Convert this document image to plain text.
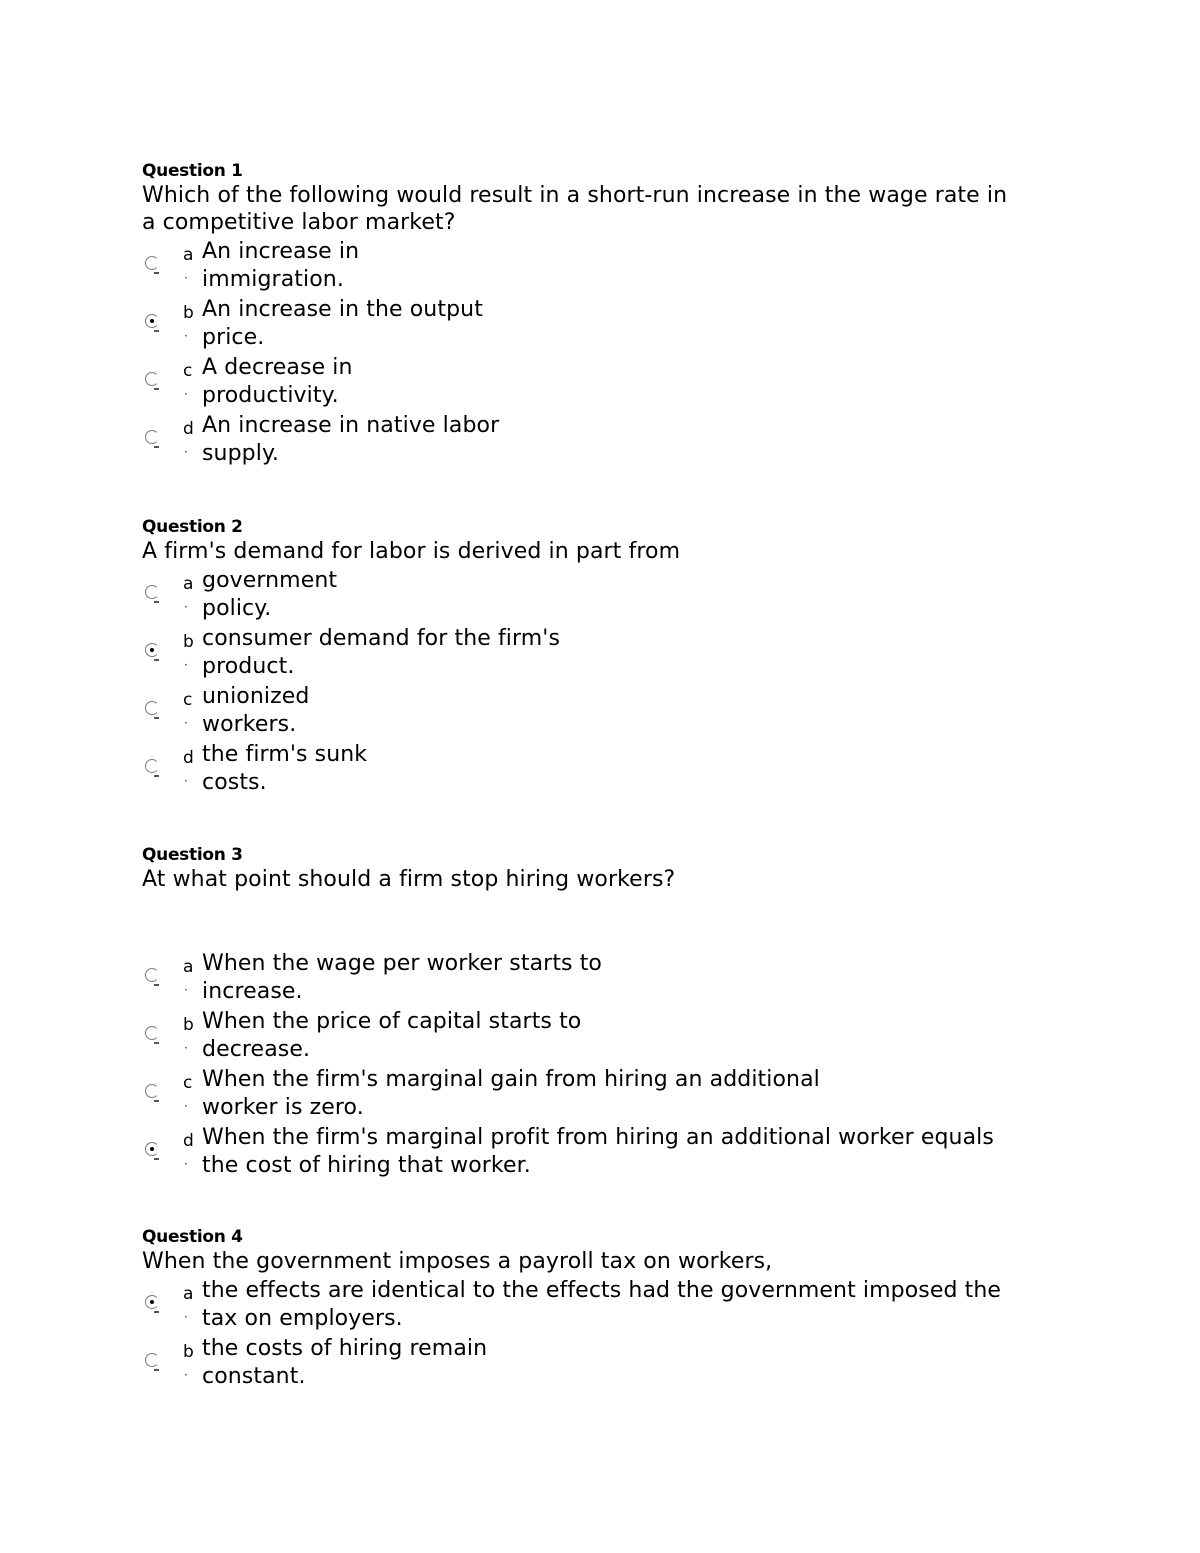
Question 1
Which of the following would result in a short-run increase in the wage rate in
a competitive labor market?
a
·
An increase in
immigration.
b
·
An increase in the output
price.
c
·
A decrease in
productivity.
d
·
An increase in native labor
supply.
Question 2
A firm's demand for labor is derived in part from
a
·
government
policy.
b
·
consumer demand for the firm's
product.
c
·
unionized
workers.
d
·
the firm's sunk
costs.
Question 3
At what point should a firm stop hiring workers?
a
·
When the wage per worker starts to
increase.
b
·
When the price of capital starts to
decrease.
c
·
When the firm's marginal gain from hiring an additional
worker is zero.
d
·
When the firm's marginal profit from hiring an additional worker equals
the cost of hiring that worker.
Question 4
When the government imposes a payroll tax on workers,
a
·
the effects are identical to the effects had the government imposed the
tax on employers.
b
·
the costs of hiring remain
constant.
